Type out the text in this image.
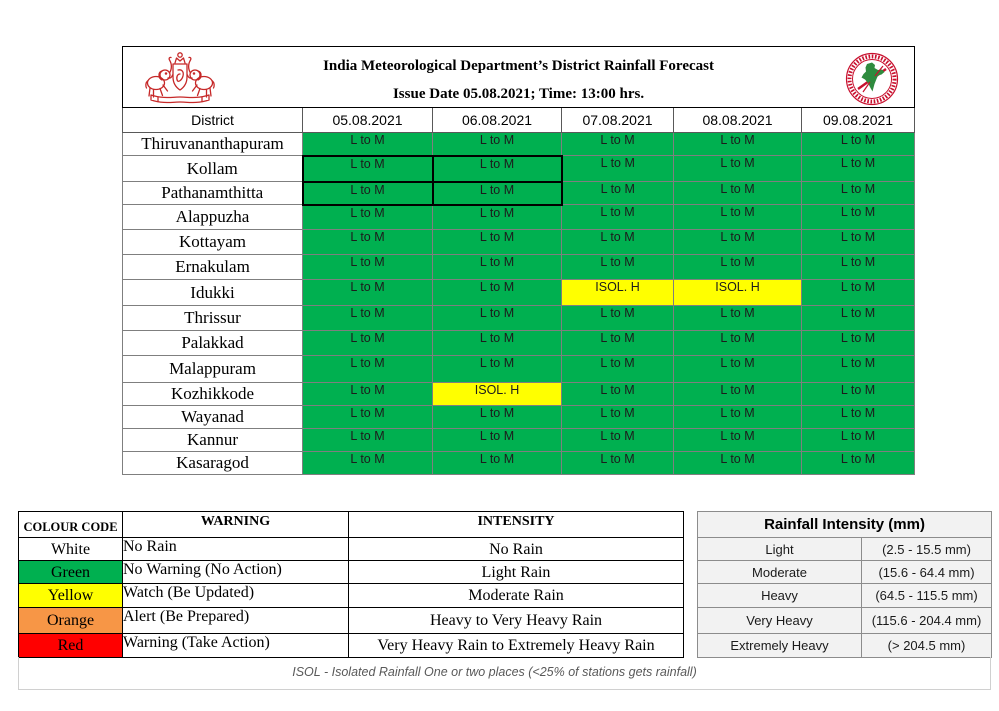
India Meteorological Department’s District Rainfall Forecast
Issue Date 05.08.2021; Time: 13:00 hrs.					

District	05.08.2021	06.08.2021	07.08.2021	08.08.2021	09.08.2021
Thiruvananthapuram	L to M	L to M	L to M	L to M	L to M
Kollam	L to M	L to M	L to M	L to M	L to M
Pathanamthitta	L to M	L to M	L to M	L to M	L to M
Alappuzha	L to M	L to M	L to M	L to M	L to M
Kottayam	L to M	L to M	L to M	L to M	L to M
Ernakulam	L to M	L to M	L to M	L to M	L to M
Idukki	L to M	L to M	ISOL. H	ISOL. H	L to M
Thrissur	L to M	L to M	L to M	L to M	L to M
Palakkad	L to M	L to M	L to M	L to M	L to M
Malappuram	L to M	L to M	L to M	L to M	L to M
Kozhikkode	L to M	ISOL. H	L to M	L to M	L to M
Wayanad	L to M	L to M	L to M	L to M	L to M
Kannur	L to M	L to M	L to M	L to M	L to M
Kasaragod	L to M	L to M	L to M	L to M	L to M
COLOUR CODE	WARNING	INTENSITY
White	No Rain	No Rain
Green	No Warning (No Action)	Light Rain
Yellow	Watch (Be Updated)	Moderate Rain
Orange	Alert (Be Prepared)	Heavy to Very Heavy Rain
Red	Warning (Take Action)	Very Heavy Rain to Extremely Heavy Rain
Rainfall Intensity (mm)	
Light	(2.5 - 15.5 mm)
Moderate	(15.6 - 64.4 mm)
Heavy	(64.5 - 115.5 mm)
Very Heavy	(115.6 - 204.4 mm)
Extremely Heavy	(> 204.5 mm)
ISOL - Isolated Rainfall One or two places (<25% of stations gets rainfall)
